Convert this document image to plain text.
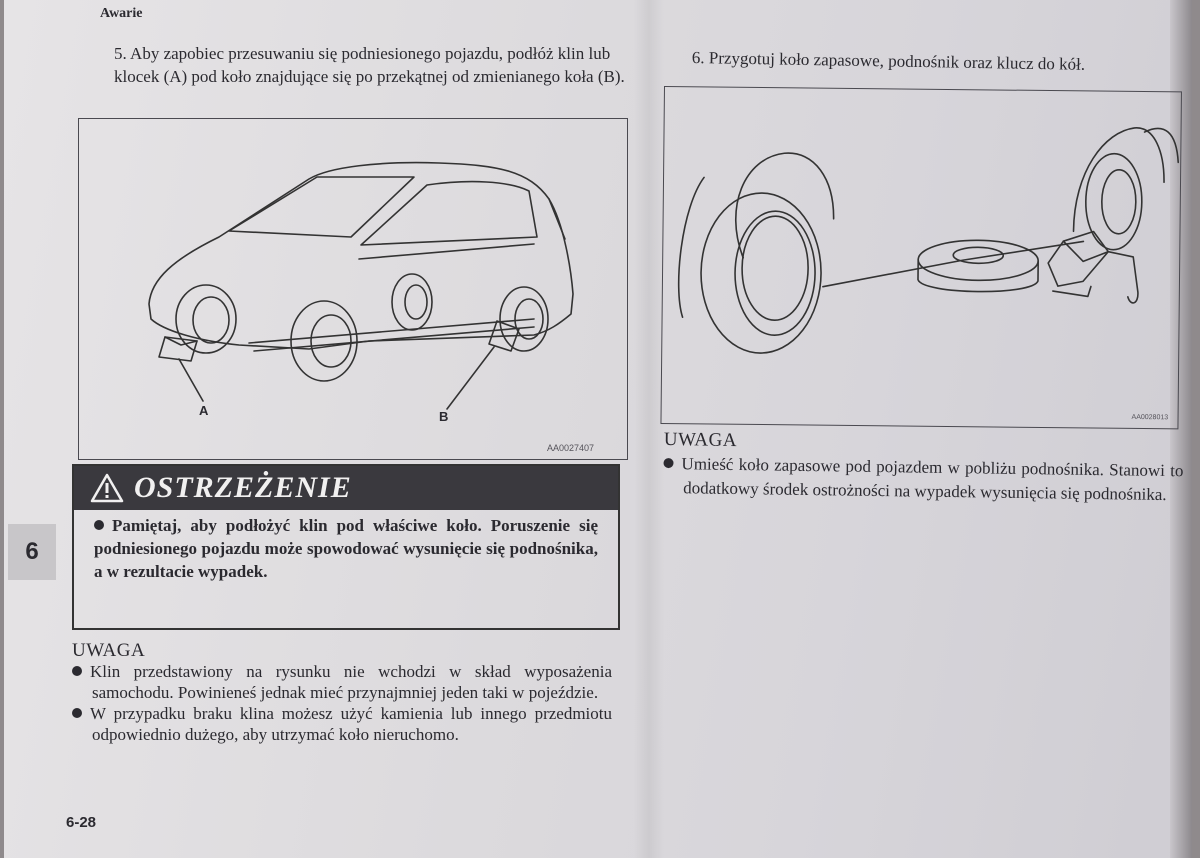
Awarie
5. Aby zapobiec przesuwaniu się podniesionego pojazdu, podłóż klin lub klocek (A) pod koło znajdujące się po przekątnej od zmienianego koła (B).
A	B
AA0027407
OSTRZEŻENIE
Pamiętaj, aby podłożyć klin pod właściwe koło. Poruszenie się podniesionego pojazdu może spowodować wysunięcie się podnośnika, a w rezultacie wypadek.
UWAGA
Klin przedstawiony na rysunku nie wchodzi w skład wyposażenia samochodu. Powinieneś jednak mieć przynajmniej jeden taki w pojeździe.
W przypadku braku klina możesz użyć kamienia lub innego przedmiotu odpowiednio dużego, aby utrzymać koło nieruchomo.
6
6-28
6. Przygotuj koło zapasowe, podnośnik oraz klucz do kół.
AA0028013
UWAGA
Umieść koło zapasowe pod pojazdem w pobliżu podnośnika. Stanowi to dodatkowy środek ostrożności na wypadek wysunięcia się podnośnika.
